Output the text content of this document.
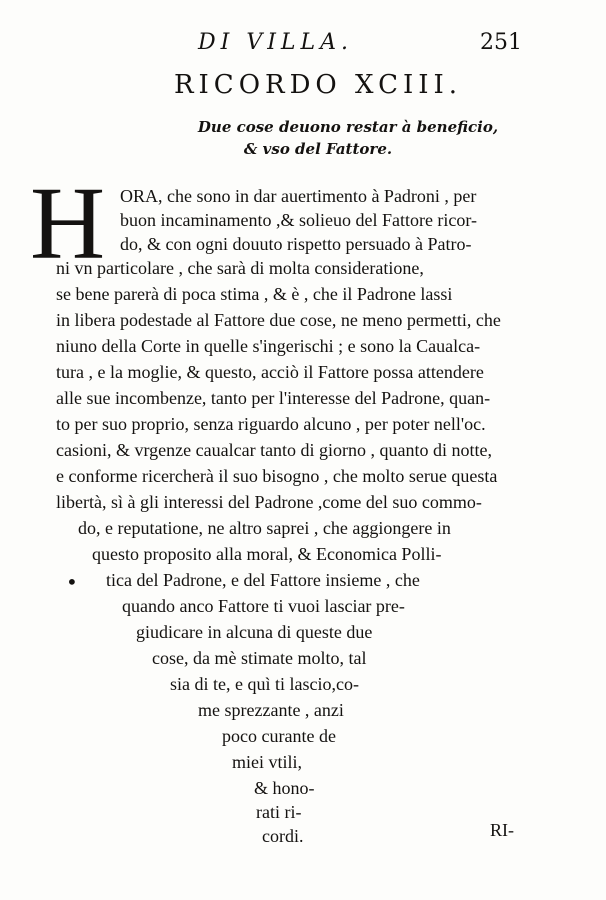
DI VILLA.	251
RICORDO XCIII.
Due cose deuono restar à beneficio,
& vso del Fattore.
H ORA, che sono in dar auertimento à Padroni , per
buon incaminamento ,& solieuo del Fattore ricor-
do, & con ogni douuto rispetto persuado à Patro-
ni vn particolare , che sarà di molta consideratione,
se bene parerà di poca stima , & è , che il Padrone lassi
in libera podestade al Fattore due cose, ne meno permetti, che
niuno della Corte in quelle s'ingerischi ; e sono la Caualca-
tura , e la moglie, & questo, acciò il Fattore possa attendere
alle sue incombenze, tanto per l'interesse del Padrone, quan-
to per suo proprio, senza riguardo alcuno , per poter nell'oc.
casioni, & vrgenze caualcar tanto di giorno , quanto di notte,
e conforme ricercherà il suo bisogno , che molto serue questa
libertà, sì à gli interessi del Padrone ,come del suo commo-
do, e reputatione, ne altro saprei , che aggiongere in
questo proposito alla moral, & Economica Polli-
tica del Padrone, e del Fattore insieme , che
quando anco Fattore ti vuoi lasciar pre-
giudicare in alcuna di queste due
cose, da mè stimate molto, tal
sia di te, e quì ti lascio,co-
me sprezzante , anzi
poco curante de
miei vtili,
& hono-
rati ri-
cordi.
•
RI-
